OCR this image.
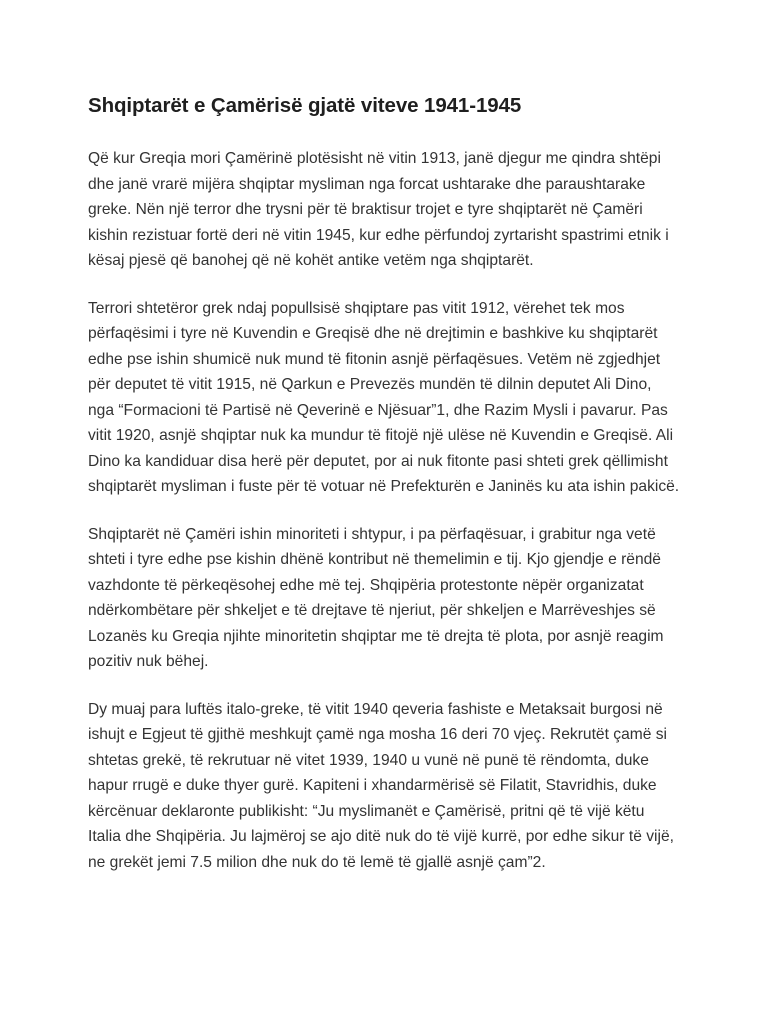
Shqiptarët e Çamërisë gjatë viteve 1941-1945

Që kur Greqia mori Çamërinë plotësisht në vitin 1913, janë djegur me qindra shtëpi dhe janë vrarë mijëra shqiptar mysliman nga forcat ushtarake dhe paraushtarake greke. Nën një terror dhe trysni për të braktisur trojet e tyre shqiptarët në Çamëri kishin rezistuar fortë deri në vitin 1945, kur edhe përfundoj zyrtarisht spastrimi etnik i kësaj pjesë që banohej që në kohët antike vetëm nga shqiptarët.

Terrori shtetëror grek ndaj popullsisë shqiptare pas vitit 1912, vërehet tek mos përfaqësimi i tyre në Kuvendin e Greqisë dhe në drejtimin e bashkive ku shqiptarët edhe pse ishin shumicë nuk mund të fitonin asnjë përfaqësues. Vetëm në zgjedhjet për deputet të vitit 1915, në Qarkun e Prevezës mundën të dilnin deputet Ali Dino, nga “Formacioni të Partisë në Qeverinë e Njësuar”1, dhe Razim Mysli i pavarur. Pas vitit 1920, asnjë shqiptar nuk ka mundur të fitojë një ulëse në Kuvendin e Greqisë. Ali Dino ka kandiduar disa herë për deputet, por ai nuk fitonte pasi shteti grek qëllimisht shqiptarët mysliman i fuste për të votuar në Prefekturën e Janinës ku ata ishin pakicë.

Shqiptarët në Çamëri ishin minoriteti i shtypur, i pa përfaqësuar, i grabitur nga vetë shteti i tyre edhe pse kishin dhënë kontribut në themelimin e tij. Kjo gjendje e rëndë vazhdonte të përkeqësohej edhe më tej. Shqipëria protestonte nëpër organizatat ndërkombëtare për shkeljet e të drejtave të njeriut, për shkeljen e Marrëveshjes së Lozanës ku Greqia njihte minoritetin shqiptar me të drejta të plota, por asnjë reagim pozitiv nuk bëhej.

Dy muaj para luftës italo-greke, të vitit 1940 qeveria fashiste e Metaksait burgosi në ishujt e Egjeut të gjithë meshkujt çamë nga mosha 16 deri 70 vjeç. Rekrutët çamë si shtetas grekë, të rekrutuar në vitet 1939, 1940 u vunë në punë të rëndomta, duke hapur rrugë e duke thyer gurë. Kapiteni i xhandarmërisë së Filatit, Stavridhis, duke kërcënuar deklaronte publikisht: “Ju myslimanët e Çamërisë, pritni që të vijë këtu Italia dhe Shqipëria. Ju lajmëroj se ajo ditë nuk do të vijë kurrë, por edhe sikur të vijë, ne grekët jemi 7.5 milion dhe nuk do të lemë të gjallë asnjë çam”2.
